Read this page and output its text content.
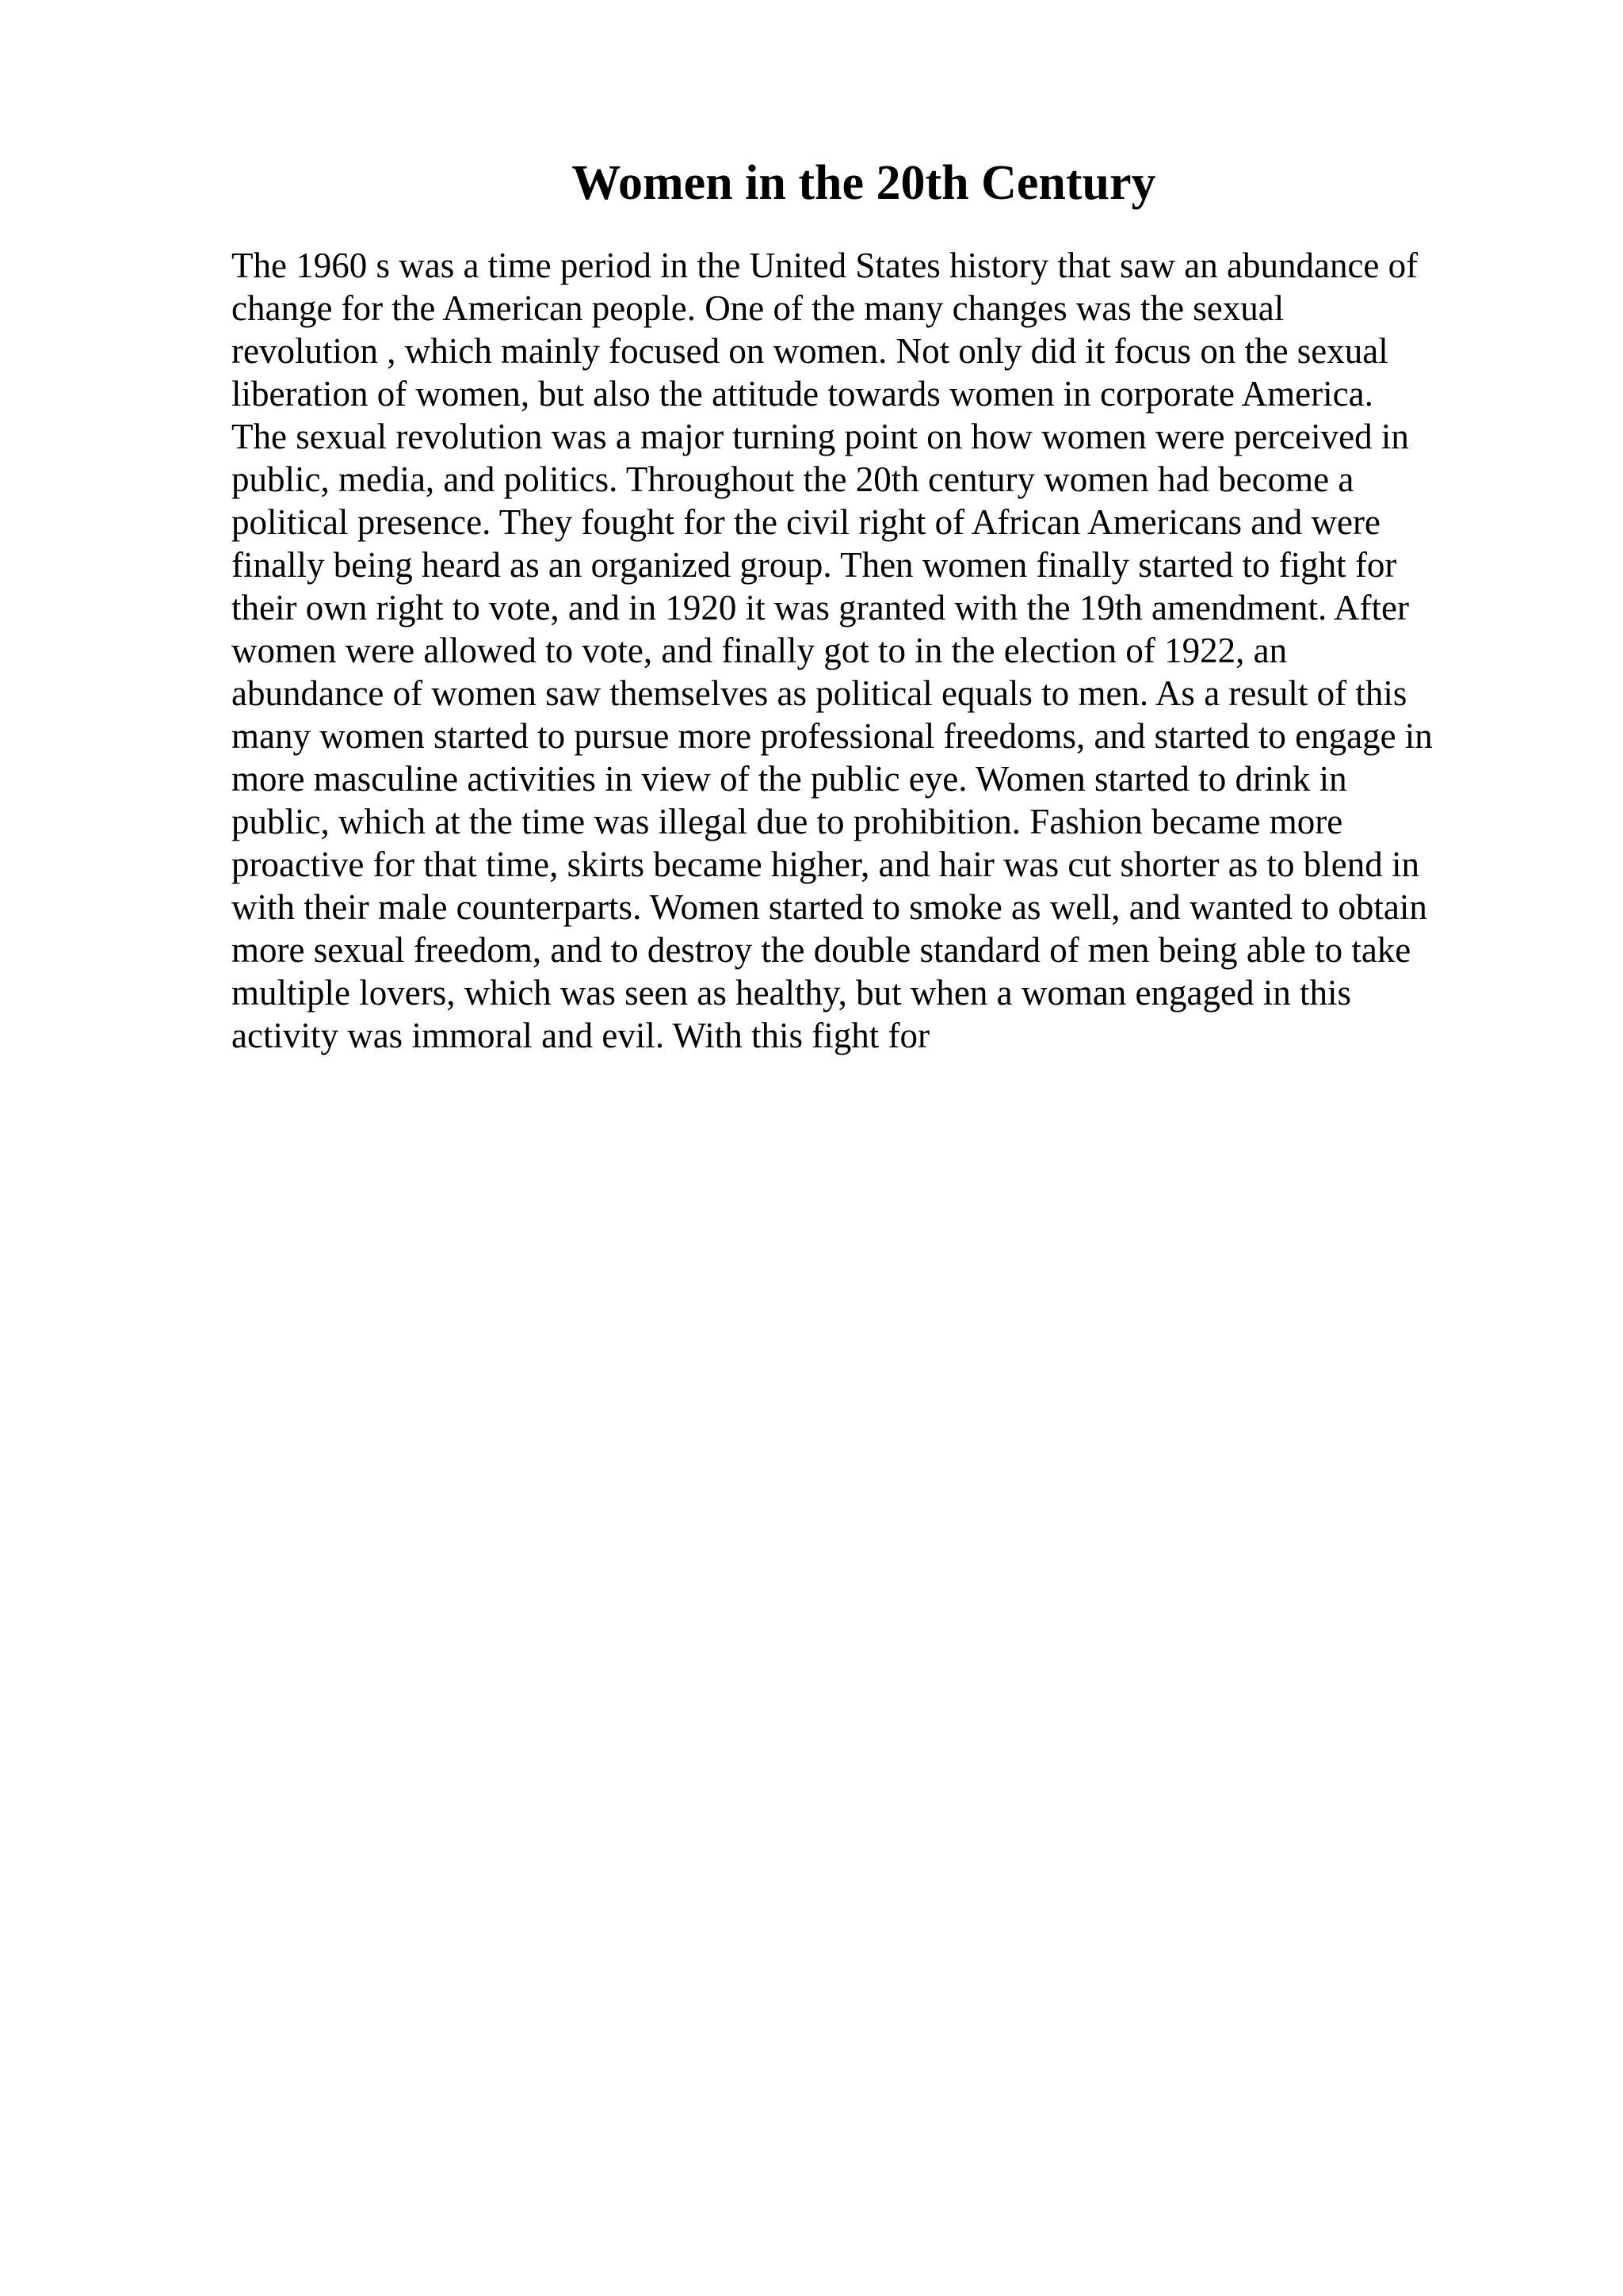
Women in the 20th Century
The 1960 s was a time period in the United States history that saw an abundance of
change for the American people. One of the many changes was the sexual
revolution , which mainly focused on women. Not only did it focus on the sexual
liberation of women, but also the attitude towards women in corporate America.
The sexual revolution was a major turning point on how women were perceived in
public, media, and politics. Throughout the 20th century women had become a
political presence. They fought for the civil right of African Americans and were
finally being heard as an organized group. Then women finally started to fight for
their own right to vote, and in 1920 it was granted with the 19th amendment. After
women were allowed to vote, and finally got to in the election of 1922, an
abundance of women saw themselves as political equals to men. As a result of this
many women started to pursue more professional freedoms, and started to engage in
more masculine activities in view of the public eye. Women started to drink in
public, which at the time was illegal due to prohibition. Fashion became more
proactive for that time, skirts became higher, and hair was cut shorter as to blend in
with their male counterparts. Women started to smoke as well, and wanted to obtain
more sexual freedom, and to destroy the double standard of men being able to take
multiple lovers, which was seen as healthy, but when a woman engaged in this
activity was immoral and evil. With this fight for
